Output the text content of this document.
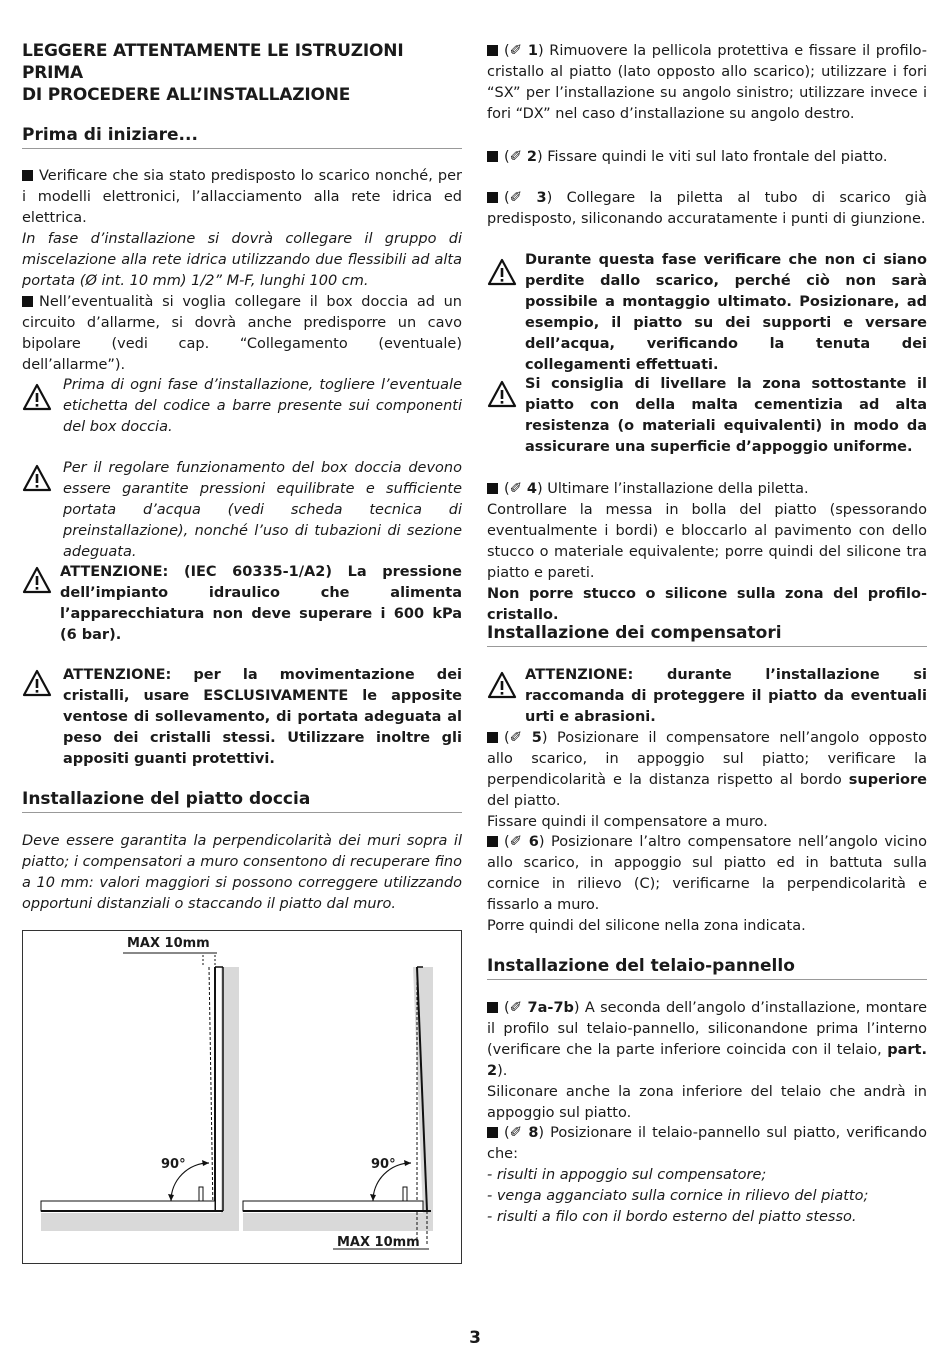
LEGGERE ATTENTAMENTE LE ISTRUZIONI PRIMA
DI PROCEDERE ALL’INSTALLAZIONE
Prima di iniziare...
Verificare che sia stato predisposto lo scarico nonché, per i modelli elettronici, l’allacciamento alla rete idrica ed elettrica.
In fase d’installazione si dovrà collegare il gruppo di miscelazione alla rete idrica utilizzando due flessibili ad alta portata (Ø int. 10 mm) 1/2” M-F, lunghi 100 cm.
Nell’eventualità si voglia collegare il box doccia ad un circuito d’allarme, si dovrà anche predisporre un cavo bipolare (vedi cap. “Collegamento (eventuale) dell’allarme”).
Prima di ogni fase d’installazione, togliere l’eventuale etichetta del codice a barre presente sui componenti del box doccia.
Per il regolare funzionamento del box doccia devono essere garantite pressioni equilibrate e sufficiente portata d’acqua (vedi scheda tecnica di preinstallazione), nonché l’uso di tubazioni di sezione adeguata.
ATTENZIONE: (IEC 60335-1/A2) La pressione dell’impianto idraulico che alimenta l’apparecchiatura non deve superare i 600 kPa (6 bar).
ATTENZIONE: per la movimentazione dei cristalli, usare ESCLUSIVAMENTE le apposite ventose di sollevamento, di portata adeguata al peso dei cristalli stessi. Utilizzare inoltre gli appositi guanti protettivi.
Installazione del piatto doccia
Deve essere garantita la perpendicolarità dei muri sopra il piatto; i compensatori a muro consentono di recuperare fino a 10 mm: valori maggiori si possono correggere utilizzando opportuni distanziali o staccando il piatto dal muro.
MAX 10mm
MAX 10mm
90°	90°
(✐ 1) Rimuovere la pellicola protettiva e fissare il profilo-cristallo al piatto (lato opposto allo scarico); utilizzare i fori “SX” per l’installazione su angolo sinistro; utilizzare invece i fori “DX” nel caso d’installazione su angolo destro.
(✐ 2) Fissare quindi le viti sul lato frontale del piatto.
(✐ 3) Collegare la piletta al tubo di scarico già predisposto, siliconando accuratamente i punti di giunzione.
Durante questa fase verificare che non ci siano perdite dallo scarico, perché ciò non sarà possibile a montaggio ultimato. Posizionare, ad esempio, il piatto su dei supporti e versare dell’acqua, verificando la tenuta dei collegamenti effettuati.
Si consiglia di livellare la zona sottostante il piatto con della malta cementizia ad alta resistenza (o materiali equivalenti) in modo da assicurare una superficie d’appoggio uniforme.
(✐ 4) Ultimare l’installazione della piletta.
Controllare la messa in bolla del piatto (spessorando eventualmente i bordi) e bloccarlo al pavimento con dello stucco o materiale equivalente; porre quindi del silicone tra piatto e pareti.
Non porre stucco o silicone sulla zona del profilo-cristallo.
Installazione dei compensatori
ATTENZIONE: durante l’installazione si raccomanda di proteggere il piatto da eventuali urti e abrasioni.
(✐ 5) Posizionare il compensatore nell’angolo opposto allo scarico, in appoggio sul piatto; verificare la perpendicolarità e la distanza rispetto al bordo superiore del piatto.
Fissare quindi il compensatore a muro.
(✐ 6) Posizionare l’altro compensatore nell’angolo vicino allo scarico, in appoggio sul piatto ed in battuta sulla cornice in rilievo (C); verificarne la perpendicolarità e fissarlo a muro.
Porre quindi del silicone nella zona indicata.
Installazione del telaio-pannello
(✐ 7a-7b) A seconda dell’angolo d’installazione, montare il profilo sul telaio-pannello, siliconandone prima l’interno (verificare che la parte inferiore coincida con il telaio, part. 2).
Siliconare anche la zona inferiore del telaio che andrà in appoggio sul piatto.
(✐ 8) Posizionare il telaio-pannello sul piatto, verificando che:
- risulti in appoggio sul compensatore;
- venga agganciato sulla cornice in rilievo del piatto;
- risulti a filo con il bordo esterno del piatto stesso.
3
